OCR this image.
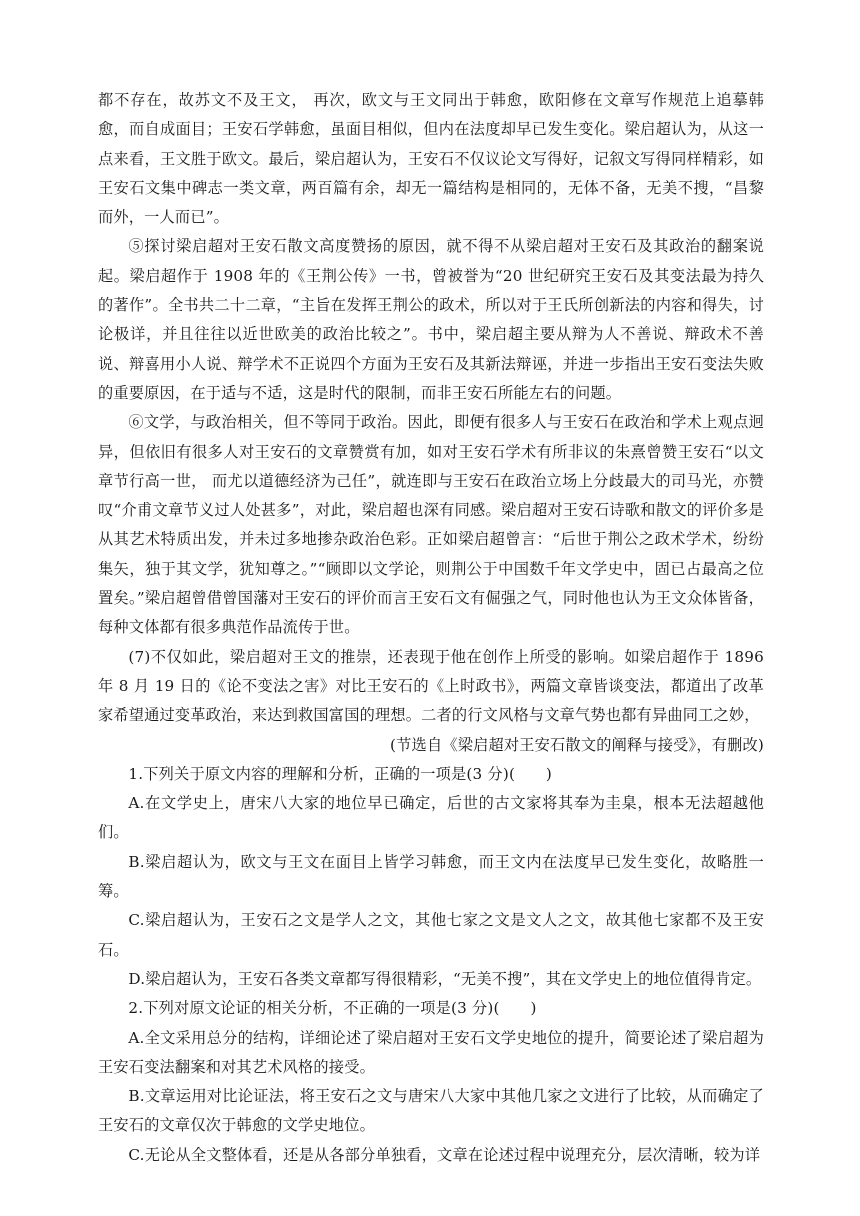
都不存在，故苏文不及王文， 再次，欧文与王文同出于韩愈，欧阳修在文章写作规范上追摹韩愈，而自成面目；王安石学韩愈，虽面目相似，但内在法度却早已发生变化。梁启超认为，从这一点来看，王文胜于欧文。最后，梁启超认为，王安石不仅议论文写得好，记叙文写得同样精彩，如王安石文集中碑志一类文章，两百篇有余，却无一篇结构是相同的，无体不备，无美不搜，“昌黎而外，一人而已”。

⑤探讨梁启超对王安石散文高度赞扬的原因，就不得不从梁启超对王安石及其政治的翻案说起。梁启超作于 1908 年的《王荆公传》一书，曾被誉为“20 世纪研究王安石及其变法最为持久的著作”。全书共二十二章，“主旨在发挥王荆公的政术，所以对于王氏所创新法的内容和得失，讨论极详，并且往往以近世欧美的政治比较之”。书中，梁启超主要从辩为人不善说、辩政术不善说、辩喜用小人说、辩学术不正说四个方面为王安石及其新法辩诬，并进一步指出王安石变法失败的重要原因，在于适与不适，这是时代的限制，而非王安石所能左右的问题。

⑥文学，与政治相关，但不等同于政治。因此，即便有很多人与王安石在政治和学术上观点迥异，但依旧有很多人对王安石的文章赞赏有加，如对王安石学术有所非议的朱熹曾赞王安石“以文章节行高一世， 而尤以道德经济为己任”，就连即与王安石在政治立场上分歧最大的司马光，亦赞叹“介甫文章节义过人处甚多”，对此，梁启超也深有同感。梁启超对王安石诗歌和散文的评价多是从其艺术特质出发，并未过多地掺杂政治色彩。正如梁启超曾言：“后世于荆公之政术学术，纷纷集矢，独于其文学，犹知尊之。”“顾即以文学论，则荆公于中国数千年文学史中，固已占最高之位置矣。”梁启超曾借曾国藩对王安石的评价而言王安石文有倔强之气，同时他也认为王文众体皆备，每种文体都有很多典范作品流传于世。

(7)不仅如此，梁启超对王文的推崇，还表现于他在创作上所受的影响。如梁启超作于 1896 年 8 月 19 日的《论不变法之害》对比王安石的《上时政书》，两篇文章皆谈变法，都道出了改革家希望通过变革政治，来达到救国富国的理想。二者的行文风格与文章气势也都有异曲同工之妙，

(节选自《梁启超对王安石散文的阐释与接受》，有删改)

1.下列关于原文内容的理解和分析，正确的一项是(3 分)(　　)

A.在文学史上，唐宋八大家的地位早已确定，后世的古文家将其奉为圭臬，根本无法超越他们。

B.梁启超认为，欧文与王文在面目上皆学习韩愈，而王文内在法度早已发生变化，故略胜一筹。

C.梁启超认为，王安石之文是学人之文，其他七家之文是文人之文，故其他七家都不及王安石。

D.梁启超认为，王安石各类文章都写得很精彩，“无美不搜”，其在文学史上的地位值得肯定。

2.下列对原文论证的相关分析，不正确的一项是(3 分)(　　)

A.全文采用总分的结构，详细论述了梁启超对王安石文学史地位的提升，简要论述了梁启超为王安石变法翻案和对其艺术风格的接受。

B.文章运用对比论证法，将王安石之文与唐宋八大家中其他几家之文进行了比较，从而确定了王安石的文章仅次于韩愈的文学史地位。

C.无论从全文整体看，还是从各部分单独看，文章在论述过程中说理充分，层次清晰，较为详
